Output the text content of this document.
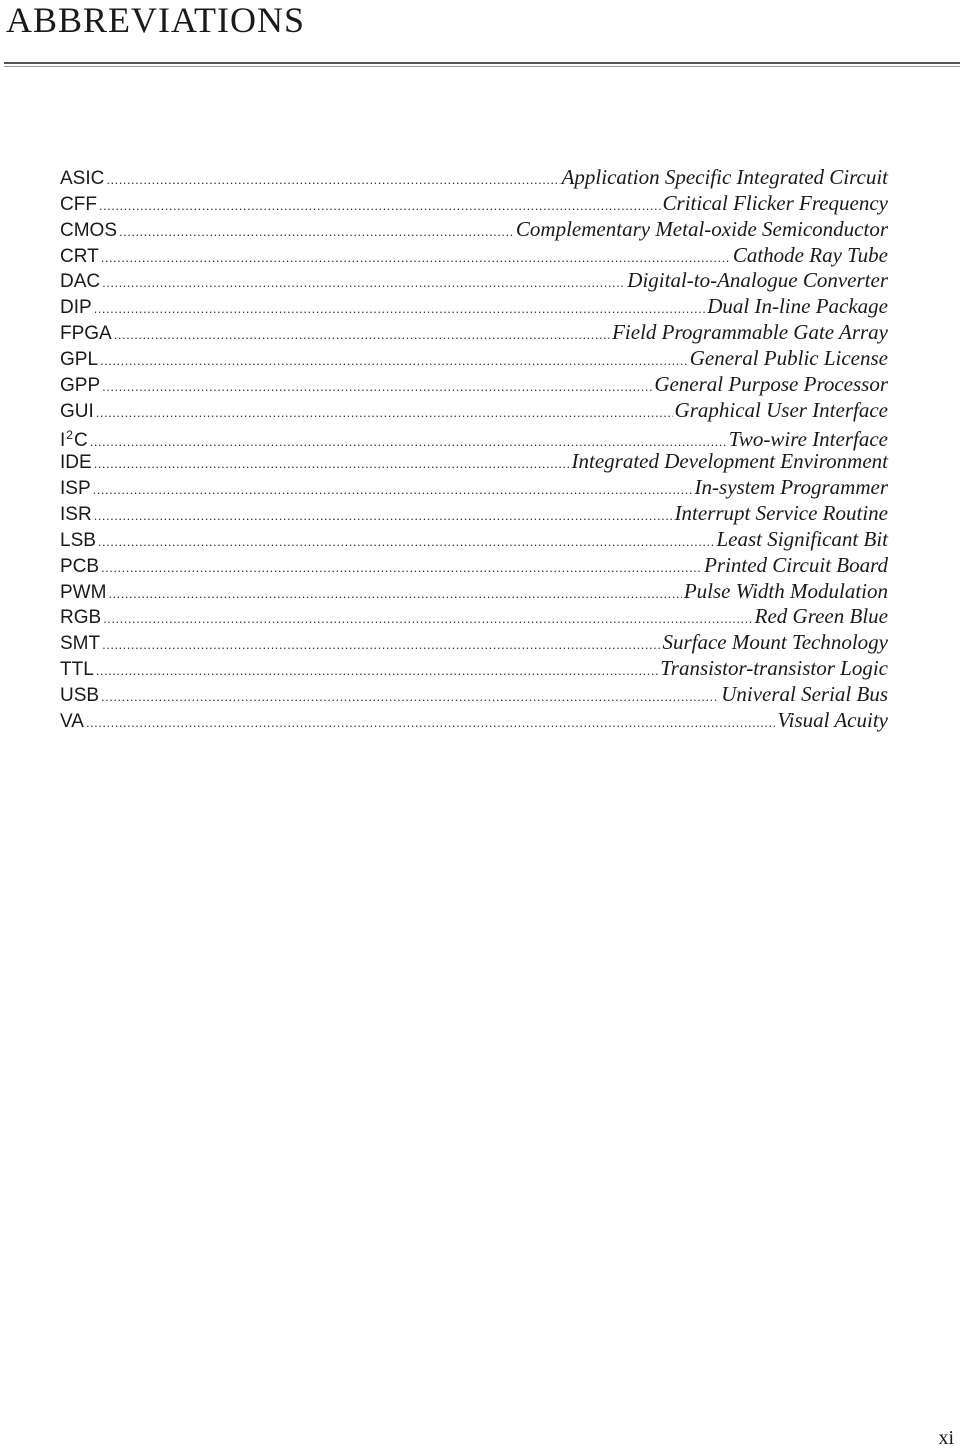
ABBREVIATIONS
ASIC .....	Application Specific Integrated Circuit
CFF .....	Critical Flicker Frequency
CMOS .....	Complementary Metal-oxide Semiconductor
CRT .....	Cathode Ray Tube
DAC .....	Digital-to-Analogue Converter
DIP .....	Dual In-line Package
FPGA .....	Field Programmable Gate Array
GPL .....	General Public License
GPP .....	General Purpose Processor
GUI .....	Graphical User Interface
$I^2C$ .....	Two-wire Interface
IDE .....	Integrated Development Environment
ISP .....	In-system Programmer
ISR .....	Interrupt Service Routine
LSB .....	Least Significant Bit
PCB .....	Printed Circuit Board
PWM .....	Pulse Width Modulation
RGB .....	Red Green Blue
SMT .....	Surface Mount Technology
TTL .....	Transistor-transistor Logic
USB .....	Univeral Serial Bus
VA .....	Visual Acuity
xi
